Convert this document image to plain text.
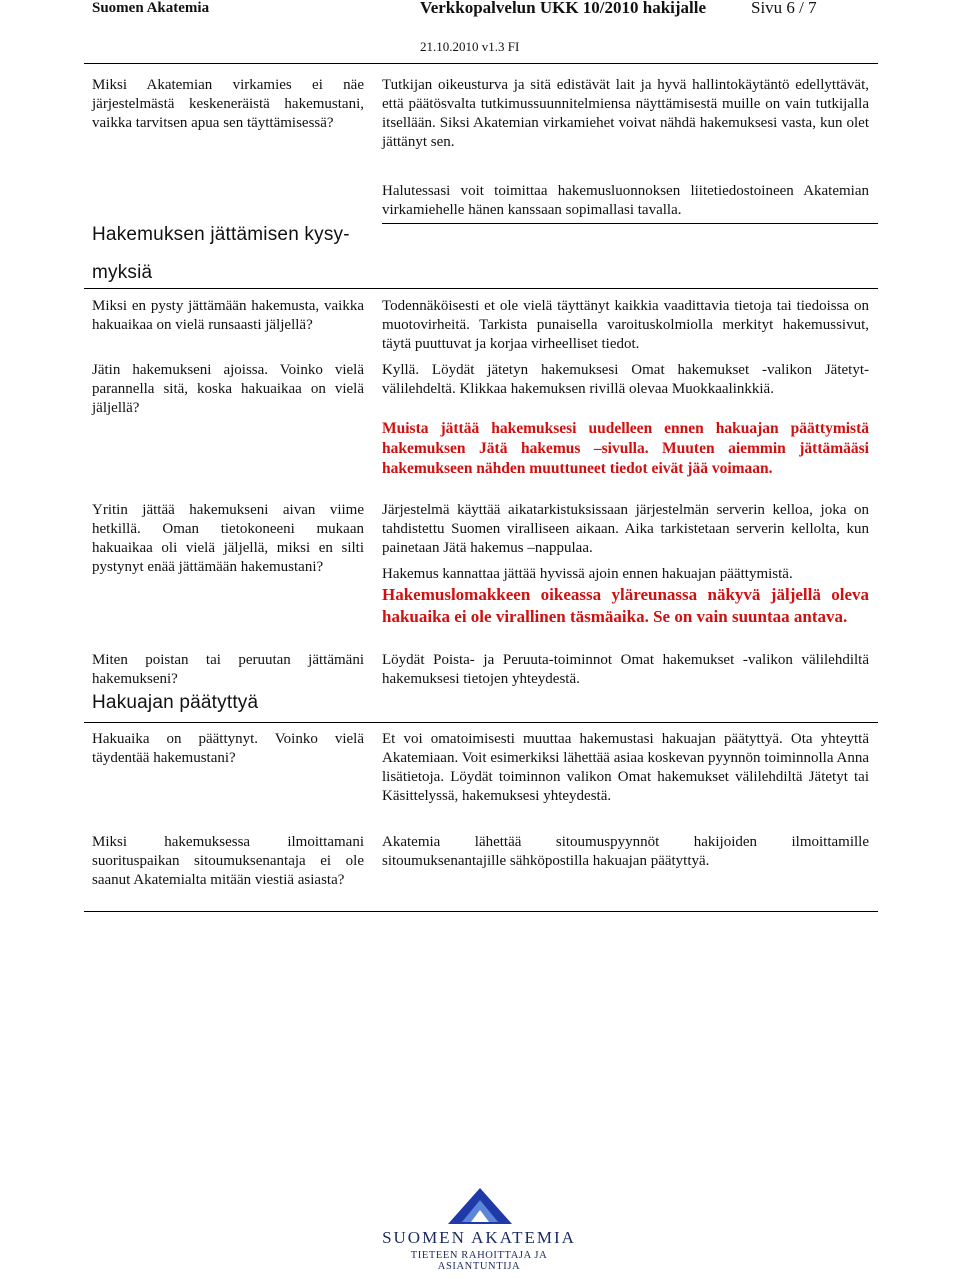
Suomen Akatemia	Verkkopalvelun UKK 10/2010 hakijalle	Sivu 6 / 7
21.10.2010 v1.3 FI
Miksi Akatemian virkamies ei näe järjestelmästä keskeneräistä hakemustani, vaikka tarvitsen apua sen täyttämisessä?
Tutkijan oikeusturva ja sitä edistävät lait ja hyvä hallintokäytäntö edellyttävät, että päätösvalta tutkimussuunnitelmiensa näyttämisestä muille on vain tutkijalla itsellään. Siksi Akatemian virkamiehet voivat nähdä hakemuksesi vasta, kun olet jättänyt sen.
Halutessasi voit toimittaa hakemusluonnoksen liitetiedostoineen Akatemian virkamiehelle hänen kanssaan sopimallasi tavalla.
Hakemuksen jättämisen kysy-
myksiä
Miksi en pysty jättämään hakemusta, vaikka hakuaikaa on vielä runsaasti jäljellä?
Todennäköisesti et ole vielä täyttänyt kaikkia vaadittavia tietoja tai tiedoissa on muotovirheitä. Tarkista punaisella varoituskolmiolla merkityt hakemussivut, täytä puuttuvat ja korjaa virheelliset tiedot.
Jätin hakemukseni ajoissa. Voinko vielä parannella sitä, koska hakuaikaa on vielä jäljellä?
Kyllä. Löydät jätetyn hakemuksesi Omat hakemukset -valikon Jätetyt-välilehdeltä. Klikkaa hakemuksen rivillä olevaa Muokkaalinkkiä.
Muista jättää hakemuksesi uudelleen ennen hakuajan päättymistä hakemuksen Jätä hakemus –sivulla. Muuten aiemmin jättämääsi hakemukseen nähden muuttuneet tiedot eivät jää voimaan.
Yritin jättää hakemukseni aivan viime hetkillä. Oman tietokoneeni mukaan hakuaikaa oli vielä jäljellä, miksi en silti pystynyt enää jättämään hakemustani?
Järjestelmä käyttää aikatarkistuksissaan järjestelmän serverin kelloa, joka on tahdistettu Suomen viralliseen aikaan. Aika tarkistetaan serverin kellolta, kun painetaan Jätä hakemus –nappulaa.
Hakemus kannattaa jättää hyvissä ajoin ennen hakuajan päättymistä.
Hakemuslomakkeen oikeassa yläreunassa näkyvä jäljellä oleva hakuaika ei ole virallinen täsmäaika. Se on vain suuntaa antava.
Miten poistan tai peruutan jättämäni hakemukseni?
Löydät Poista- ja Peruuta-toiminnot Omat hakemukset -valikon välilehdiltä hakemuksesi tietojen yhteydestä.
Hakuajan päätyttyä
Hakuaika on päättynyt. Voinko vielä täydentää hakemustani?
Et voi omatoimisesti muuttaa hakemustasi hakuajan päätyttyä. Ota yhteyttä Akatemiaan. Voit esimerkiksi lähettää asiaa koskevan pyynnön toiminnolla Anna lisätietoja. Löydät toiminnon valikon Omat hakemukset välilehdiltä Jätetyt tai Käsittelyssä, hakemuksesi yhteydestä.
Miksi hakemuksessa ilmoittamani suorituspaikan sitoumuksenantaja ei ole saanut Akatemialta mitään viestiä asiasta?
Akatemia lähettää sitoumuspyynnöt hakijoiden ilmoittamille sitoumuksenantajille sähköpostilla hakuajan päätyttyä.
SUOMEN AKATEMIA
TIETEEN RAHOITTAJA JA ASIANTUNTIJA
